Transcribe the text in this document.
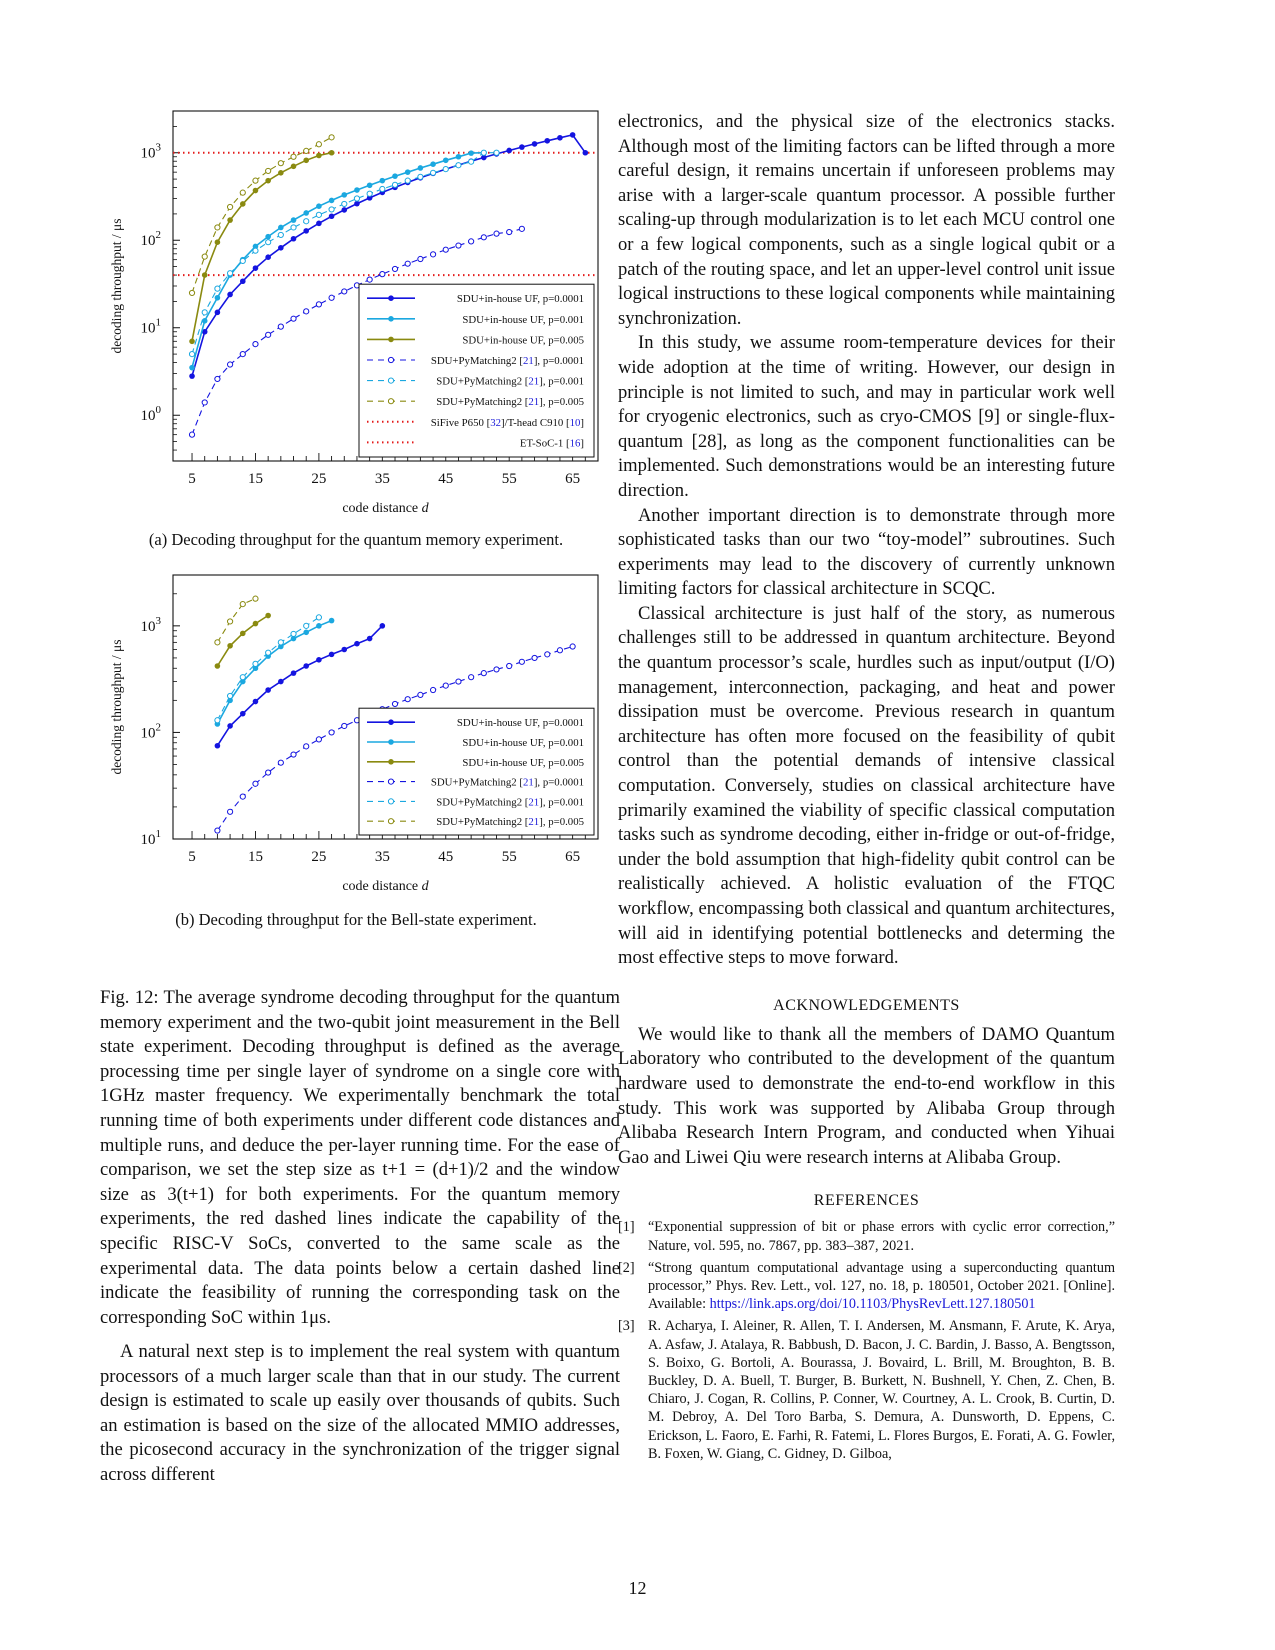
$10^0$
$10^1$
$10^2$
$10^3$
5	15	25	35	45	55	65
code distance d
decoding throughput / μs	SDU+in-house UF, p=0.0001
SDU+in-house UF, p=0.001
SDU+in-house UF, p=0.005
SDU+PyMatching2 [21], p=0.0001
SDU+PyMatching2 [21], p=0.001
SDU+PyMatching2 [21], p=0.005
SiFive P650 [32]/T-head C910 [10]
ET-SoC-1 [16]
(a) Decoding throughput for the quantum memory experiment.
$10^1$
$10^2$
$10^3$
5	15	25	35	45	55	65
code distance d
decoding throughput / μs	SDU+in-house UF, p=0.0001
SDU+in-house UF, p=0.001
SDU+in-house UF, p=0.005
SDU+PyMatching2 [21], p=0.0001
SDU+PyMatching2 [21], p=0.001
SDU+PyMatching2 [21], p=0.005
(b) Decoding throughput for the Bell-state experiment.
Fig. 12: The average syndrome decoding throughput for the quantum memory experiment and the two-qubit joint measurement in the Bell state experiment. Decoding throughput is defined as the average processing time per single layer of syndrome on a single core with 1GHz master frequency. We experimentally benchmark the total running time of both experiments under different code distances and multiple runs, and deduce the per-layer running time. For the ease of comparison, we set the step size as t+1 = (d+1)/2 and the window size as 3(t+1) for both experiments. For the quantum memory experiments, the red dashed lines indicate the capability of the specific RISC-V SoCs, converted to the same scale as the experimental data. The data points below a certain dashed line indicate the feasibility of running the corresponding task on the corresponding SoC within 1μs.

A natural next step is to implement the real system with quantum processors of a much larger scale than that in our study. The current design is estimated to scale up easily over thousands of qubits. Such an estimation is based on the size of the allocated MMIO addresses, the picosecond accuracy in the synchronization of the trigger signal across different

electronics, and the physical size of the electronics stacks. Although most of the limiting factors can be lifted through a more careful design, it remains uncertain if unforeseen problems may arise with a larger-scale quantum processor. A possible further scaling-up through modularization is to let each MCU control one or a few logical components, such as a single logical qubit or a patch of the routing space, and let an upper-level control unit issue logical instructions to these logical components while maintaining synchronization.

In this study, we assume room-temperature devices for their wide adoption at the time of writing. However, our design in principle is not limited to such, and may in particular work well for cryogenic electronics, such as cryo-CMOS [9] or single-flux-quantum [28], as long as the component functionalities can be implemented. Such demonstrations would be an interesting future direction.

Another important direction is to demonstrate through more sophisticated tasks than our two “toy-model” subroutines. Such experiments may lead to the discovery of currently unknown limiting factors for classical architecture in SCQC.

Classical architecture is just half of the story, as numerous challenges still to be addressed in quantum architecture. Beyond the quantum processor’s scale, hurdles such as input/output (I/O) management, interconnection, packaging, and heat and power dissipation must be overcome. Previous research in quantum architecture has often more focused on the feasibility of qubit control than the potential demands of intensive classical computation. Conversely, studies on classical architecture have primarily examined the viability of specific classical computation tasks such as syndrome decoding, either in-fridge or out-of-fridge, under the bold assumption that high-fidelity qubit control can be realistically achieved. A holistic evaluation of the FTQC workflow, encompassing both classical and quantum architectures, will aid in identifying potential bottlenecks and determing the most effective steps to move forward.

ACKNOWLEDGEMENTS

We would like to thank all the members of DAMO Quantum Laboratory who contributed to the development of the quantum hardware used to demonstrate the end-to-end workflow in this study. This work was supported by Alibaba Group through Alibaba Research Intern Program, and conducted when Yihuai Gao and Liwei Qiu were research interns at Alibaba Group.

REFERENCES

[1] “Exponential suppression of bit or phase errors with cyclic error correction,” Nature, vol. 595, no. 7867, pp. 383–387, 2021.
[2] “Strong quantum computational advantage using a superconducting quantum processor,” Phys. Rev. Lett., vol. 127, no. 18, p. 180501, October 2021. [Online]. Available: https://link.aps.org/doi/10.1103/PhysRevLett.127.180501
[3] R. Acharya, I. Aleiner, R. Allen, T. I. Andersen, M. Ansmann, F. Arute, K. Arya, A. Asfaw, J. Atalaya, R. Babbush, D. Bacon, J. C. Bardin, J. Basso, A. Bengtsson, S. Boixo, G. Bortoli, A. Bourassa, J. Bovaird, L. Brill, M. Broughton, B. B. Buckley, D. A. Buell, T. Burger, B. Burkett, N. Bushnell, Y. Chen, Z. Chen, B. Chiaro, J. Cogan, R. Collins, P. Conner, W. Courtney, A. L. Crook, B. Curtin, D. M. Debroy, A. Del Toro Barba, S. Demura, A. Dunsworth, D. Eppens, C. Erickson, L. Faoro, E. Farhi, R. Fatemi, L. Flores Burgos, E. Forati, A. G. Fowler, B. Foxen, W. Giang, C. Gidney, D. Gilboa,
12
